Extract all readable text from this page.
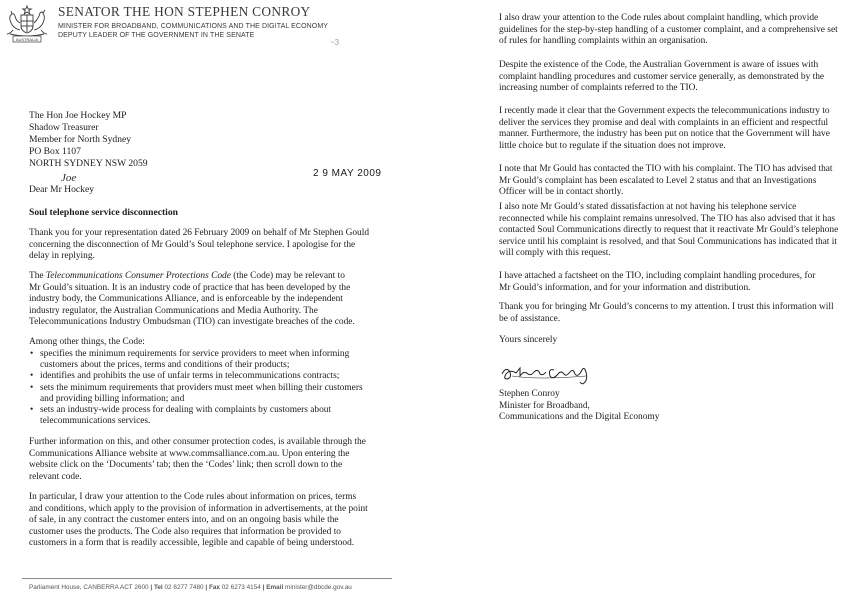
AUSTRALIA
SENATOR THE HON STEPHEN CONROY
MINISTER FOR BROADBAND, COMMUNICATIONS AND THE DIGITAL ECONOMY
DEPUTY LEADER OF THE GOVERNMENT IN THE SENATE
~3
The Hon Joe Hockey MP
Shadow Treasurer
Member for North Sydney
PO Box 1107
NORTH SYDNEY NSW 2059
2 9 MAY 2009
Joe
Dear Mr Hockey
Soul telephone service disconnection
Thank you for your representation dated 26 February 2009 on behalf of Mr Stephen Gould
concerning the disconnection of Mr Gould’s Soul telephone service. I apologise for the
delay in replying.
The Telecommunications Consumer Protections Code (the Code) may be relevant to
Mr Gould’s situation. It is an industry code of practice that has been developed by the
industry body, the Communications Alliance, and is enforceable by the independent
industry regulator, the Australian Communications and Media Authority. The
Telecommunications Industry Ombudsman (TIO) can investigate breaches of the code.
Among other things, the Code:
• specifies the minimum requirements for service providers to meet when informing
customers about the prices, terms and conditions of their products;
• identifies and prohibits the use of unfair terms in telecommunications contracts;
• sets the minimum requirements that providers must meet when billing their customers
and providing billing information; and
• sets an industry-wide process for dealing with complaints by customers about
telecommunications services.
Further information on this, and other consumer protection codes, is available through the
Communications Alliance website at www.commsalliance.com.au. Upon entering the
website click on the ‘Documents’ tab; then the ‘Codes’ link; then scroll down to the
relevant code.
In particular, I draw your attention to the Code rules about information on prices, terms
and conditions, which apply to the provision of information in advertisements, at the point
of sale, in any contract the customer enters into, and on an ongoing basis while the
customer uses the products. The Code also requires that information be provided to
customers in a form that is readily accessible, legible and capable of being understood.
Parliament House, CANBERRA ACT 2600 | Tel 02 6277 7480 | Fax 02 6273 4154 | Email minister@dbcde.gov.au
I also draw your attention to the Code rules about complaint handling, which provide
guidelines for the step-by-step handling of a customer complaint, and a comprehensive set
of rules for handling complaints within an organisation.
Despite the existence of the Code, the Australian Government is aware of issues with
complaint handling procedures and customer service generally, as demonstrated by the
increasing number of complaints referred to the TIO.
I recently made it clear that the Government expects the telecommunications industry to
deliver the services they promise and deal with complaints in an efficient and respectful
manner. Furthermore, the industry has been put on notice that the Government will have
little choice but to regulate if the situation does not improve.
I note that Mr Gould has contacted the TIO with his complaint. The TIO has advised that
Mr Gould’s complaint has been escalated to Level 2 status and that an Investigations
Officer will be in contact shortly.
I also note Mr Gould’s stated dissatisfaction at not having his telephone service
reconnected while his complaint remains unresolved. The TIO has also advised that it has
contacted Soul Communications directly to request that it reactivate Mr Gould’s telephone
service until his complaint is resolved, and that Soul Communications has indicated that it
will comply with this request.
I have attached a factsheet on the TIO, including complaint handling procedures, for
Mr Gould’s information, and for your information and distribution.
Thank you for bringing Mr Gould’s concerns to my attention. I trust this information will
be of assistance.
Yours sincerely
Stephen Conroy
Minister for Broadband,
Communications and the Digital Economy
